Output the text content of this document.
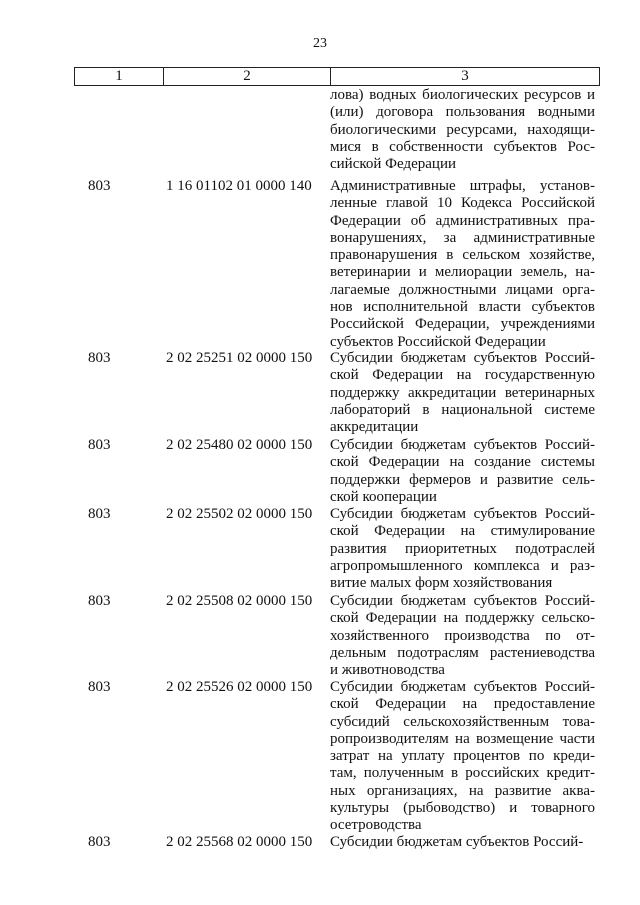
23
1	2	3
лова) водных биологических ресурсов и
(или) договора пользования водными
биологическими ресурсами, находящи-
мися в собственности субъектов Рос-
сийской Федерации
803	1 16 01102 01 0000 140 Административные штрафы, установ-
ленные главой 10 Кодекса Российской
Федерации об административных пра-
вонарушениях, за административные
правонарушения в сельском хозяйстве,
ветеринарии и мелиорации земель, на-
лагаемые должностными лицами орга-
нов исполнительной власти субъектов
Российской Федерации, учреждениями
субъектов Российской Федерации
803	2 02 25251 02 0000 150 Субсидии бюджетам субъектов Россий-
ской Федерации на государственную
поддержку аккредитации ветеринарных
лабораторий в национальной системе
аккредитации
803	2 02 25480 02 0000 150 Субсидии бюджетам субъектов Россий-
ской Федерации на создание системы
поддержки фермеров и развитие сель-
ской кооперации
803	2 02 25502 02 0000 150 Субсидии бюджетам субъектов Россий-
ской Федерации на стимулирование
развития приоритетных подотраслей
агропромышленного комплекса и раз-
витие малых форм хозяйствования
803	2 02 25508 02 0000 150 Субсидии бюджетам субъектов Россий-
ской Федерации на поддержку сельско-
хозяйственного производства по от-
дельным подотраслям растениеводства
и животноводства
803	2 02 25526 02 0000 150 Субсидии бюджетам субъектов Россий-
ской Федерации на предоставление
субсидий сельскохозяйственным това-
ропроизводителям на возмещение части
затрат на уплату процентов по креди-
там, полученным в российских кредит-
ных организациях, на развитие аква-
культуры (рыбоводство) и товарного
осетроводства
803	2 02 25568 02 0000 150 Субсидии бюджетам субъектов Россий-
